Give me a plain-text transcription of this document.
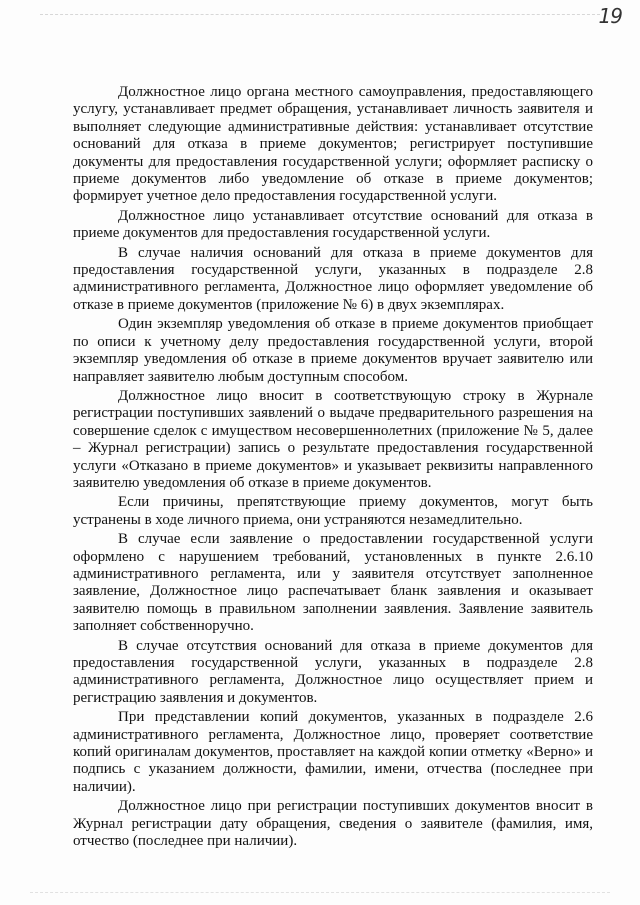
19

Должностное лицо органа местного самоуправления, предоставляющего услугу, устанавливает предмет обращения, устанавливает личность заявителя и выполняет следующие административные действия: устанавливает отсутствие оснований для отказа в приеме документов; регистрирует поступившие документы для предоставления государственной услуги; оформляет расписку о приеме документов либо уведомление об отказе в приеме документов; формирует учетное дело предоставления государственной услуги.

Должностное лицо устанавливает отсутствие оснований для отказа в приеме документов для предоставления государственной услуги.

В случае наличия оснований для отказа в приеме документов для предоставления государственной услуги, указанных в подразделе 2.8 административного регламента, Должностное лицо оформляет уведомление об отказе в приеме документов (приложение № 6) в двух экземплярах.

Один экземпляр уведомления об отказе в приеме документов приобщает по описи к учетному делу предоставления государственной услуги, второй экземпляр уведомления об отказе в приеме документов вручает заявителю или направляет заявителю любым доступным способом.

Должностное лицо вносит в соответствующую строку в Журнале регистрации поступивших заявлений о выдаче предварительного разрешения на совершение сделок с имуществом несовершеннолетних (приложение № 5, далее – Журнал регистрации) запись о результате предоставления государственной услуги «Отказано в приеме документов» и указывает реквизиты направленного заявителю уведомления об отказе в приеме документов.

Если причины, препятствующие приему документов, могут быть устранены в ходе личного приема, они устраняются незамедлительно.

В случае если заявление о предоставлении государственной услуги оформлено с нарушением требований, установленных в пункте 2.6.10 административного регламента, или у заявителя отсутствует заполненное заявление, Должностное лицо распечатывает бланк заявления и оказывает заявителю помощь в правильном заполнении заявления. Заявление заявитель заполняет собственноручно.

В случае отсутствия оснований для отказа в приеме документов для предоставления государственной услуги, указанных в подразделе 2.8 административного регламента, Должностное лицо осуществляет прием и регистрацию заявления и документов.

При представлении копий документов, указанных в подразделе 2.6 административного регламента, Должностное лицо, проверяет соответствие копий оригиналам документов, проставляет на каждой копии отметку «Верно» и подпись с указанием должности, фамилии, имени, отчества (последнее при наличии).

Должностное лицо при регистрации поступивших документов вносит в Журнал регистрации дату обращения, сведения о заявителе (фамилия, имя, отчество (последнее при наличии).
